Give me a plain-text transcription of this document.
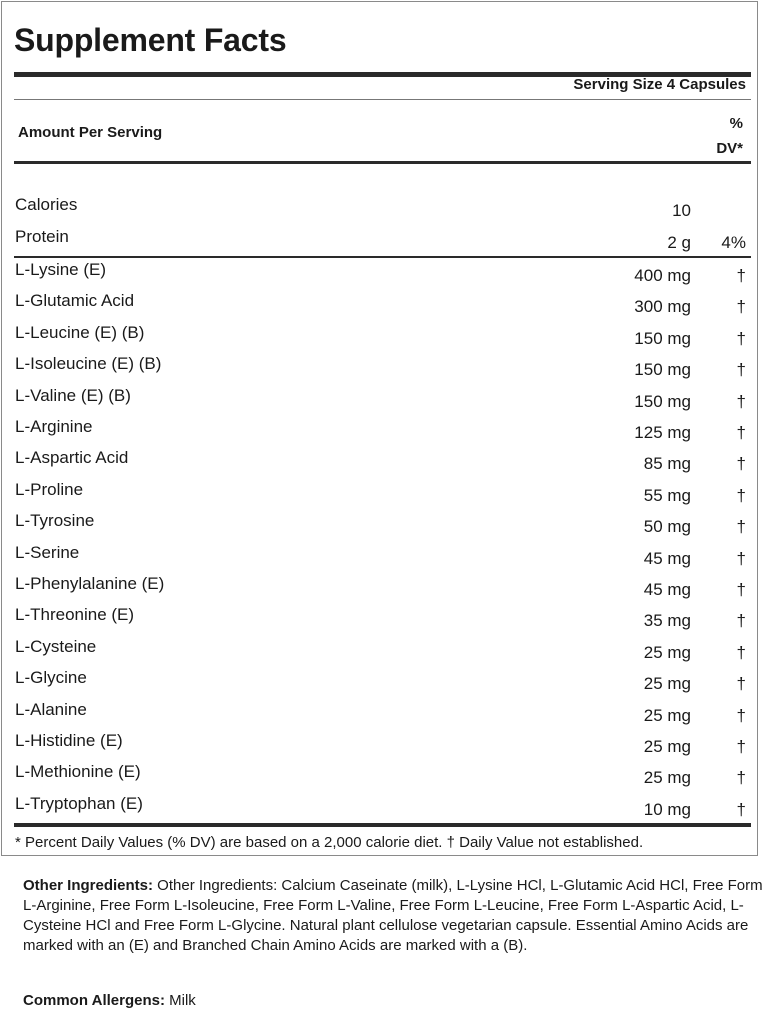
Supplement Facts
Serving Size 4 Capsules
Amount Per Serving
%
DV*
Calories	10
Protein	2 g 4%
L-Lysine (E)	400 mg	†
L-Glutamic Acid	300 mg	†
L-Leucine (E) (B)	150 mg	†
L-Isoleucine (E) (B)	150 mg	†
L-Valine (E) (B)	150 mg	†
L-Arginine	125 mg	†
L-Aspartic Acid	85 mg	†
L-Proline	55 mg	†
L-Tyrosine	50 mg	†
L-Serine	45 mg	†
L-Phenylalanine (E)	45 mg	†
L-Threonine (E)	35 mg	†
L-Cysteine	25 mg	†
L-Glycine	25 mg	†
L-Alanine	25 mg	†
L-Histidine (E)	25 mg	†
L-Methionine (E)	25 mg	†
L-Tryptophan (E)	10 mg	†
* Percent Daily Values (% DV) are based on a 2,000 calorie diet. † Daily Value not established.
Other Ingredients: Other Ingredients: Calcium Caseinate (milk), L-Lysine HCl, L-Glutamic Acid HCl, Free Form L-Arginine, Free Form L-Isoleucine, Free Form L-Valine, Free Form L-Leucine, Free Form L-Aspartic Acid, L-Cysteine HCl and Free Form L-Glycine. Natural plant cellulose vegetarian capsule. Essential Amino Acids are marked with an (E) and Branched Chain Amino Acids are marked with a (B).
Common Allergens: Milk
